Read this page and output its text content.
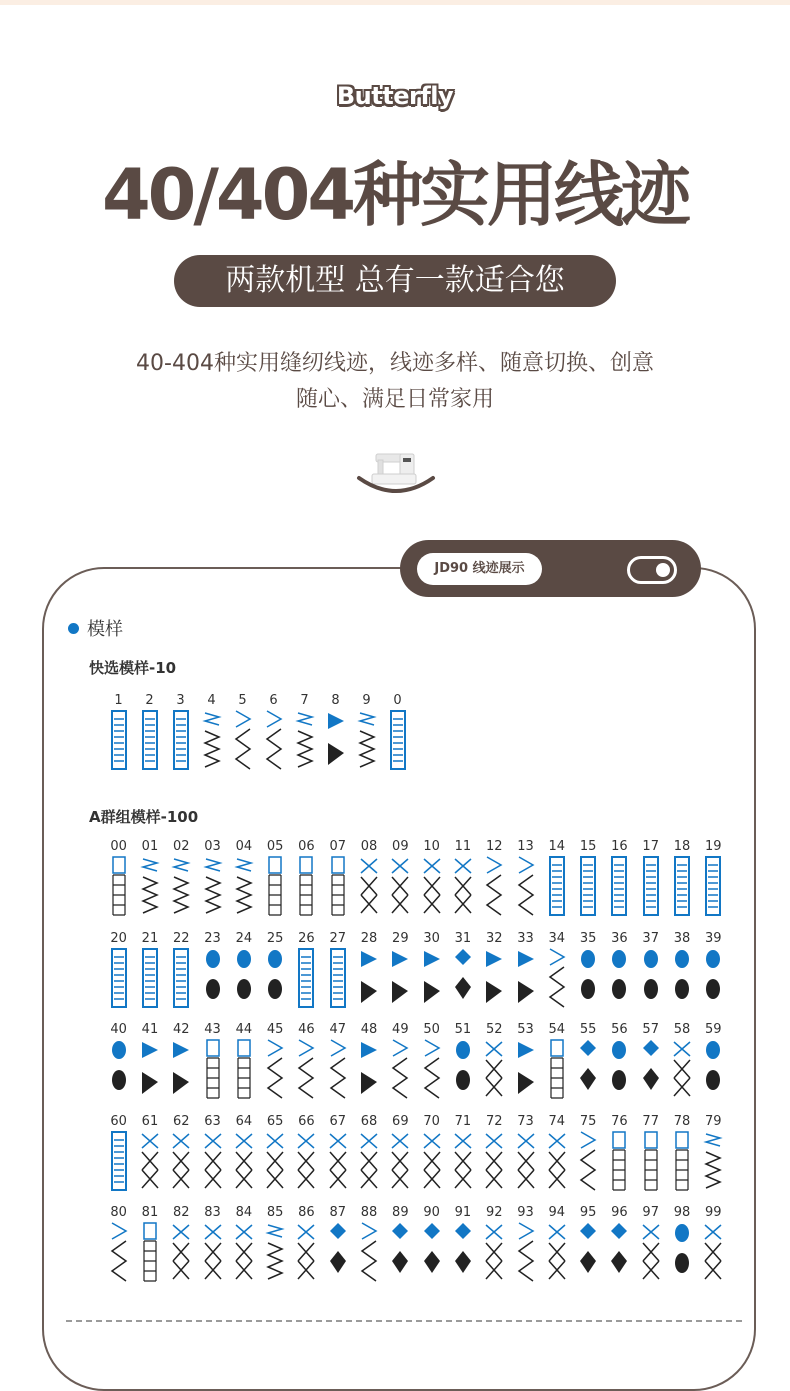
Butterfly
40/404种实用线迹
两款机型 总有一款适合您
40-404种实用缝纫线迹，线迹多样、随意切换、创意
随心、满足日常家用
JD90 线迹展示
模样
快选模样-10
1 2 3 4 5 6 7 8 9 0
A群组模样-100
00 01 02 03 04 05 06 07 08 09 10 11 12 13 14 15 16 17 18 19
20 21 22 23 24 25 26 27 28 29 30 31 32 33 34 35 36 37 38 39
40 41 42 43 44 45 46 47 48 49 50 51 52 53 54 55 56 57 58 59
60 61 62 63 64 65 66 67 68 69 70 71 72 73 74 75 76 77 78 79
80 81 82 83 84 85 86 87 88 89 90 91 92 93 94 95 96 97 98 99
